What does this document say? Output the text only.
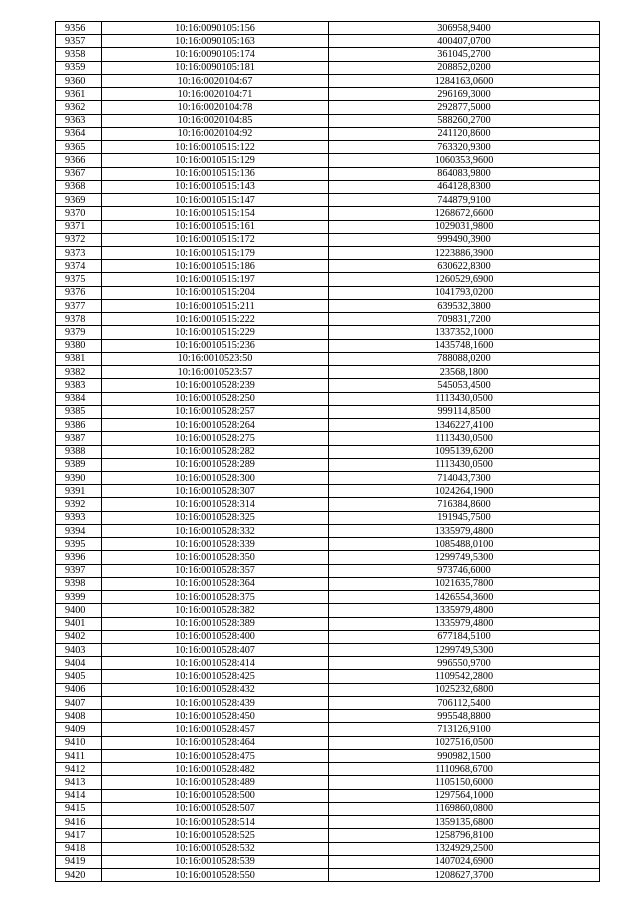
9356	10:16:0090105:156	306958,9400
9357	10:16:0090105:163	400407,0700
9358	10:16:0090105:174	361045,2700
9359	10:16:0090105:181	208852,0200
9360	10:16:0020104:67	1284163,0600
9361	10:16:0020104:71	296169,3000
9362	10:16:0020104:78	292877,5000
9363	10:16:0020104:85	588260,2700
9364	10:16:0020104:92	241120,8600
9365	10:16:0010515:122	763320,9300
9366	10:16:0010515:129	1060353,9600
9367	10:16:0010515:136	864083,9800
9368	10:16:0010515:143	464128,8300
9369	10:16:0010515:147	744879,9100
9370	10:16:0010515:154	1268672,6600
9371	10:16:0010515:161	1029031,9800
9372	10:16:0010515:172	999490,3900
9373	10:16:0010515:179	1223886,3900
9374	10:16:0010515:186	630622,8300
9375	10:16:0010515:197	1260529,6900
9376	10:16:0010515:204	1041793,0200
9377	10:16:0010515:211	639532,3800
9378	10:16:0010515:222	709831,7200
9379	10:16:0010515:229	1337352,1000
9380	10:16:0010515:236	1435748,1600
9381	10:16:0010523:50	788088,0200
9382	10:16:0010523:57	23568,1800
9383	10:16:0010528:239	545053,4500
9384	10:16:0010528:250	1113430,0500
9385	10:16:0010528:257	999114,8500
9386	10:16:0010528:264	1346227,4100
9387	10:16:0010528:275	1113430,0500
9388	10:16:0010528:282	1095139,6200
9389	10:16:0010528:289	1113430,0500
9390	10:16:0010528:300	714043,7300
9391	10:16:0010528:307	1024264,1900
9392	10:16:0010528:314	716384,8600
9393	10:16:0010528:325	191945,7500
9394	10:16:0010528:332	1335979,4800
9395	10:16:0010528:339	1085488,0100
9396	10:16:0010528:350	1299749,5300
9397	10:16:0010528:357	973746,6000
9398	10:16:0010528:364	1021635,7800
9399	10:16:0010528:375	1426554,3600
9400	10:16:0010528:382	1335979,4800
9401	10:16:0010528:389	1335979,4800
9402	10:16:0010528:400	677184,5100
9403	10:16:0010528:407	1299749,5300
9404	10:16:0010528:414	996550,9700
9405	10:16:0010528:425	1109542,2800
9406	10:16:0010528:432	1025232,6800
9407	10:16:0010528:439	706112,5400
9408	10:16:0010528:450	995548,8800
9409	10:16:0010528:457	713126,9100
9410	10:16:0010528:464	1027516,0500
9411	10:16:0010528:475	990982,1500
9412	10:16:0010528:482	1110968,6700
9413	10:16:0010528:489	1105150,6000
9414	10:16:0010528:500	1297564,1000
9415	10:16:0010528:507	1169860,0800
9416	10:16:0010528:514	1359135,6800
9417	10:16:0010528:525	1258796,8100
9418	10:16:0010528:532	1324929,2500
9419	10:16:0010528:539	1407024,6900
9420	10:16:0010528:550	1208627,3700
